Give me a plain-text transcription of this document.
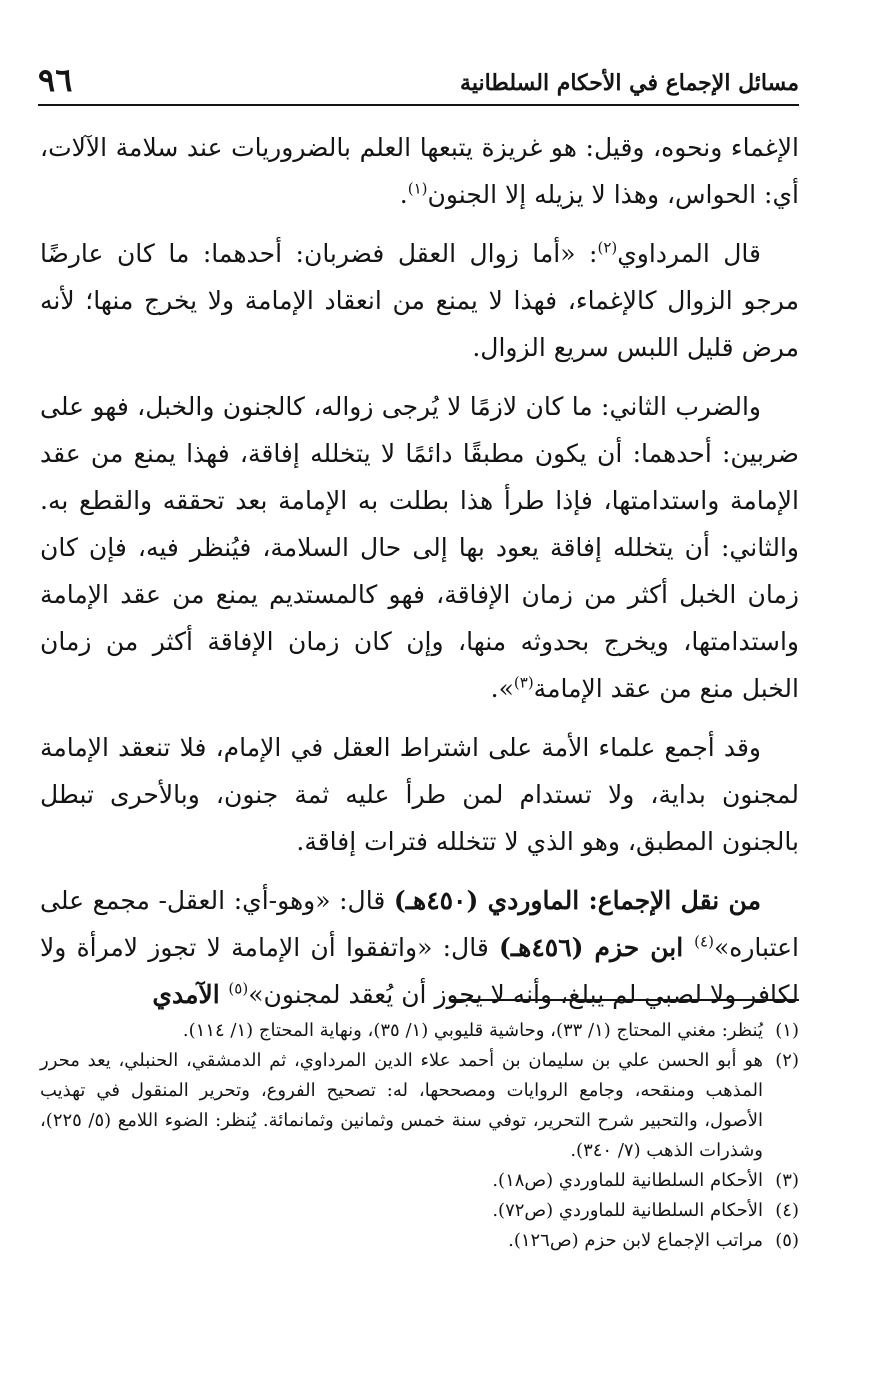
٩٦	مسائل الإجماع في الأحكام السلطانية

الإغماء ونحوه، وقيل: هو غريزة يتبعها العلم بالضروريات عند سلامة الآلات، أي: الحواس، وهذا لا يزيله إلا الجنون$^{(١)}$.

قال المرداوي$^{(٢)}$: «أما زوال العقل فضربان: أحدهما: ما كان عارضًا مرجو الزوال كالإغماء، فهذا لا يمنع من انعقاد الإمامة ولا يخرج منها؛ لأنه مرض قليل اللبس سريع الزوال.

والضرب الثاني: ما كان لازمًا لا يُرجى زواله، كالجنون والخبل، فهو على ضربين: أحدهما: أن يكون مطبقًا دائمًا لا يتخلله إفاقة، فهذا يمنع من عقد الإمامة واستدامتها، فإذا طرأ هذا بطلت به الإمامة بعد تحققه والقطع به. والثاني: أن يتخلله إفاقة يعود بها إلى حال السلامة، فيُنظر فيه، فإن كان زمان الخبل أكثر من زمان الإفاقة، فهو كالمستديم يمنع من عقد الإمامة واستدامتها، ويخرج بحدوثه منها، وإن كان زمان الإفاقة أكثر من زمان الخبل منع من عقد الإمامة$^{(٣)}$».

وقد أجمع علماء الأمة على اشتراط العقل في الإمام، فلا تنعقد الإمامة لمجنون بداية، ولا تستدام لمن طرأ عليه ثمة جنون، وبالأحرى تبطل بالجنون المطبق، وهو الذي لا تتخلله فترات إفاقة.

من نقل الإجماع: الماوردي (٤٥٠هـ) قال: «وهو-أي: العقل- مجمع على اعتباره»$^{(٤)}$ ابن حزم (٤٥٦هـ) قال: «واتفقوا أن الإمامة لا تجوز لامرأة ولا لكافر ولا لصبي لم يبلغ، وأنه لا يجوز أن يُعقد لمجنون»$^{(٥)}$ الآمدي

(١)
يُنظر: مغني المحتاج (١/ ٣٣)، وحاشية قليوبي (١/ ٣٥)، ونهاية المحتاج (١/ ١١٤).
(٢)
هو أبو الحسن علي بن سليمان بن أحمد علاء الدين المرداوي، ثم الدمشقي، الحنبلي، يعد محرر المذهب ومنقحه، وجامع الروايات ومصححها، له: تصحيح الفروع، وتحرير المنقول في تهذيب الأصول، والتحبير شرح التحرير، توفي سنة خمس وثمانين وثمانمائة. يُنظر: الضوء اللامع (٥/ ٢٢٥)، وشذرات الذهب (٧/ ٣٤٠).
(٣)
الأحكام السلطانية للماوردي (ص١٨).
(٤)
الأحكام السلطانية للماوردي (ص٧٢).
(٥)
مراتب الإجماع لابن حزم (ص١٢٦).
